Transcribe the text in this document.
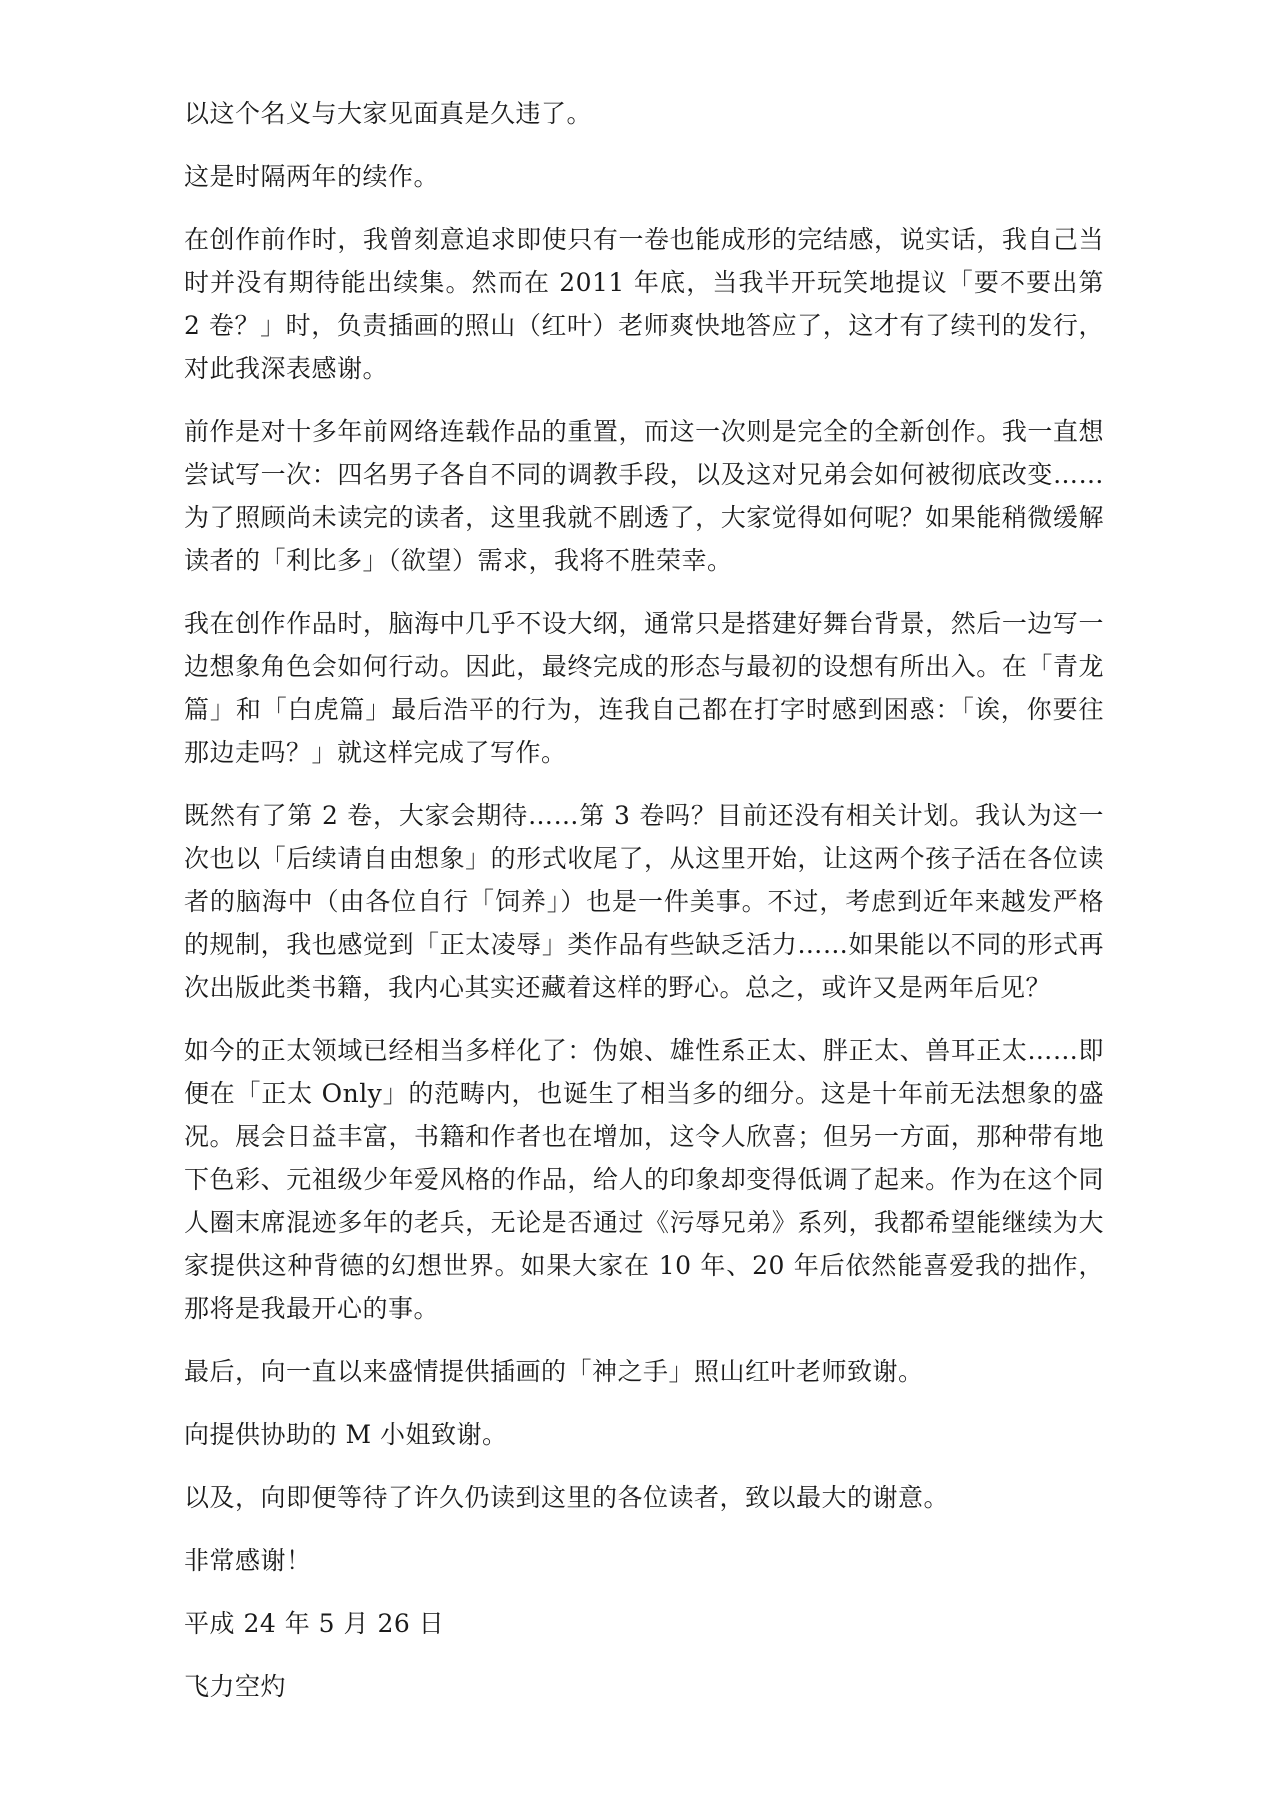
以这个名义与大家见面真是久违了。

这是时隔两年的续作。

在创作前作时，我曾刻意追求即使只有一卷也能成形的完结感，说实话，我自己当时并没有期待能出续集。然而在 2011 年底，当我半开玩笑地提议「要不要出第 2 卷？」时，负责插画的照山（红叶）老师爽快地答应了，这才有了续刊的发行，对此我深表感谢。

前作是对十多年前网络连载作品的重置，而这一次则是完全的全新创作。我一直想尝试写一次：四名男子各自不同的调教手段，以及这对兄弟会如何被彻底改变……为了照顾尚未读完的读者，这里我就不剧透了，大家觉得如何呢？如果能稍微缓解读者的「利比多」（欲望）需求，我将不胜荣幸。

我在创作作品时，脑海中几乎不设大纲，通常只是搭建好舞台背景，然后一边写一边想象角色会如何行动。因此，最终完成的形态与最初的设想有所出入。在「青龙篇」和「白虎篇」最后浩平的行为，连我自己都在打字时感到困惑：「诶，你要往那边走吗？」就这样完成了写作。

既然有了第 2 卷，大家会期待……第 3 卷吗？目前还没有相关计划。我认为这一次也以「后续请自由想象」的形式收尾了，从这里开始，让这两个孩子活在各位读者的脑海中（由各位自行「饲养」）也是一件美事。不过，考虑到近年来越发严格的规制，我也感觉到「正太凌辱」类作品有些缺乏活力……如果能以不同的形式再次出版此类书籍，我内心其实还藏着这样的野心。总之，或许又是两年后见？

如今的正太领域已经相当多样化了：伪娘、雄性系正太、胖正太、兽耳正太……即便在「正太 Only」的范畴内，也诞生了相当多的细分。这是十年前无法想象的盛况。展会日益丰富，书籍和作者也在增加，这令人欣喜；但另一方面，那种带有地下色彩、元祖级少年爱风格的作品，给人的印象却变得低调了起来。作为在这个同人圈末席混迹多年的老兵，无论是否通过《污辱兄弟》系列，我都希望能继续为大家提供这种背德的幻想世界。如果大家在 10 年、20 年后依然能喜爱我的拙作，那将是我最开心的事。

最后，向一直以来盛情提供插画的「神之手」照山红叶老师致谢。

向提供协助的 M 小姐致谢。

以及，向即便等待了许久仍读到这里的各位读者，致以最大的谢意。

非常感谢！

平成 24 年 5 月 26 日

飞力空灼
